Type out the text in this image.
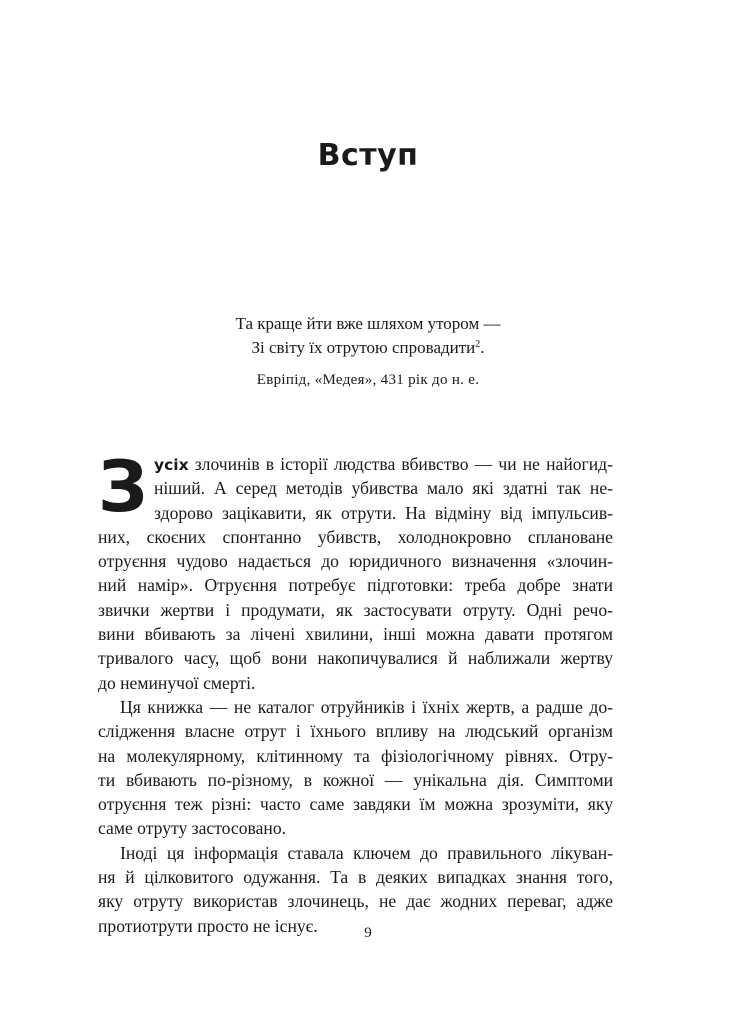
Вступ
Та краще йти вже шляхом утором —
Зі світу їх отрутою спровадити$^2$.
Евріпід, «Медея», 431 рік до н. е.
З усіх злочинів в історії людства вбивство — чи не найогид-
ніший. А серед методів убивства мало які здатні так не-
здорово зацікавити, як отрути. На відміну від імпульсив-
них, скоєних спонтанно убивств, холоднокровно сплановане
отруєння чудово надається до юридичного визначення «злочин-
ний намір». Отруєння потребує підготовки: треба добре знати
звички жертви і продумати, як застосувати отруту. Одні речо-
вини вбивають за лічені хвилини, інші можна давати протягом
тривалого часу, щоб вони накопичувалися й наближали жертву
до неминучої смерті.
Ця книжка — не каталог отруйників і їхніх жертв, а радше до-
слідження власне отрут і їхнього впливу на людський організм
на молекулярному, клітинному та фізіологічному рівнях. Отру-
ти вбивають по-різному, в кожної — унікальна дія. Симптоми
отруєння теж різні: часто саме завдяки їм можна зрозуміти, яку
саме отруту застосовано.
Іноді ця інформація ставала ключем до правильного лікуван-
ня й цілковитого одужання. Та в деяких випадках знання того,
яку отруту використав злочинець, не дає жодних переваг, адже
протиотрути просто не існує.	9
